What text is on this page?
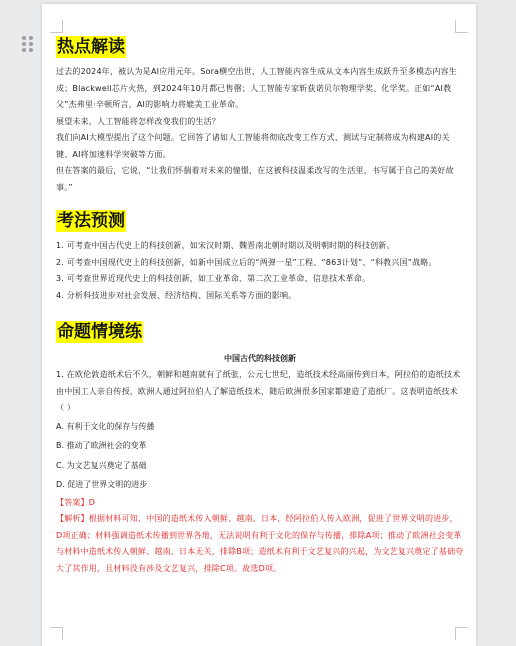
热点解读

过去的2024年，被认为是AI应用元年。Sora横空出世，人工智能内容生成从文本内容生成跃升至多模态内容生成；Blackwell芯片火热，到2024年10月都已售罄；人工智能专家斩获诺贝尔物理学奖、化学奖。正如“AI教父”杰弗里·辛顿所言，AI的影响力将媲美工业革命。

展望未来，人工智能将怎样改变我们的生活？

我们向AI大模型提出了这个问题。它回答了诸如人工智能将彻底改变工作方式、测试与定制将成为构建AI的关键、AI将加速科学突破等方面。

但在答案的最后，它说，“让我们怀揣着对未来的憧憬，在这被科技温柔改写的生活里，书写属于自己的美好故事。”

考法预测

1. 可考查中国古代史上的科技创新，如宋汉时期、魏晋南北朝时期以及明朝时期的科技创新。

2. 可考查中国现代史上的科技创新，如新中国成立后的“两弹一星”工程、“863计划”、“科教兴国”战略。

3. 可考查世界近现代史上的科技创新，如工业革命、第二次工业革命、信息技术革命。

4. 分析科技进步对社会发展、经济结构、国际关系等方面的影响。

命题情境练

中国古代的科技创新

1. 在欧伦敦造纸术后不久，朝鲜和越南就有了纸张，公元七世纪，造纸技术经高丽传到日本，阿拉伯的造纸技术由中国工人亲自传授，欧洲人通过阿拉伯人了解造纸技术，随后欧洲很多国家都建造了造纸厂。这表明造纸技术（ ）

A. 有利于文化的保存与传播

B. 推动了欧洲社会的变革

C. 为文艺复兴奠定了基础

D. 促进了世界文明的进步

【答案】D

【解析】根据材料可知，中国的造纸术传入朝鲜、越南、日本，经阿拉伯人传入欧洲，促进了世界文明的进步，D项正确；材料强调造纸术传播到世界各地，无法说明有利于文化的保存与传播，排除A项；推动了欧洲社会变革与材料中造纸术传入朝鲜、越南、日本无关，排除B项；造纸术有利于文艺复兴的兴起，为文艺复兴奠定了基础夸大了其作用，且材料没有涉及文艺复兴，排除C项。故选D项。
